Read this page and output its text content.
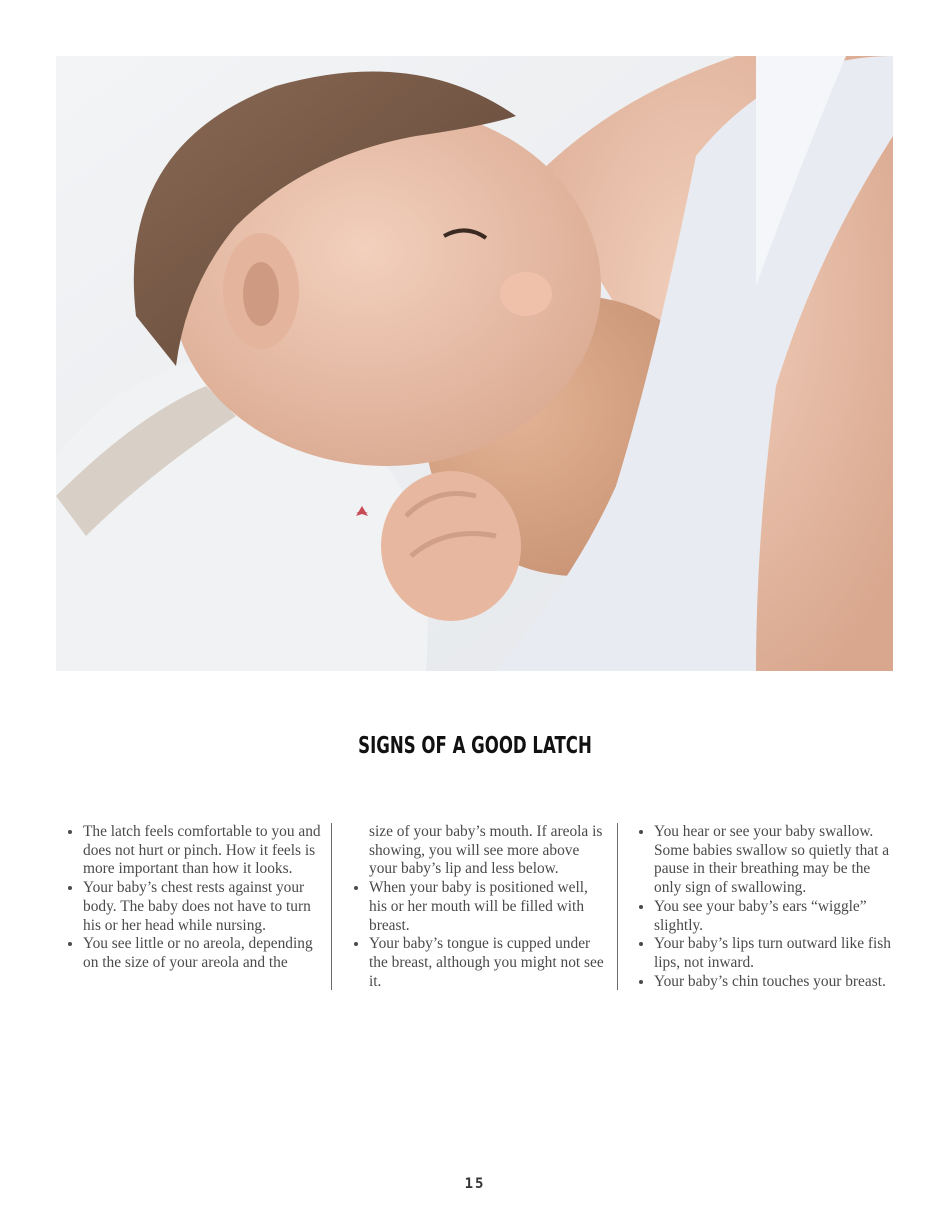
SIGNS OF A GOOD LATCH
• The latch feels comfortable to you and does not hurt or pinch. How it feels is more important than how it looks.
• Your baby’s chest rests against your body. The baby does not have to turn his or her head while nursing.
• You see little or no areola, depending on the size of your areola and the

size of your baby’s mouth. If areola is showing, you will see more above your baby’s lip and less below.

• When your baby is positioned well, his or her mouth will be filled with breast.
• Your baby’s tongue is cupped under the breast, although you might not see it.
• You hear or see your baby swallow. Some babies swallow so quietly that a pause in their breathing may be the only sign of swallowing.
• You see your baby’s ears “wiggle” slightly.
• Your baby’s lips turn outward like fish lips, not inward.
• Your baby’s chin touches your breast.
15
